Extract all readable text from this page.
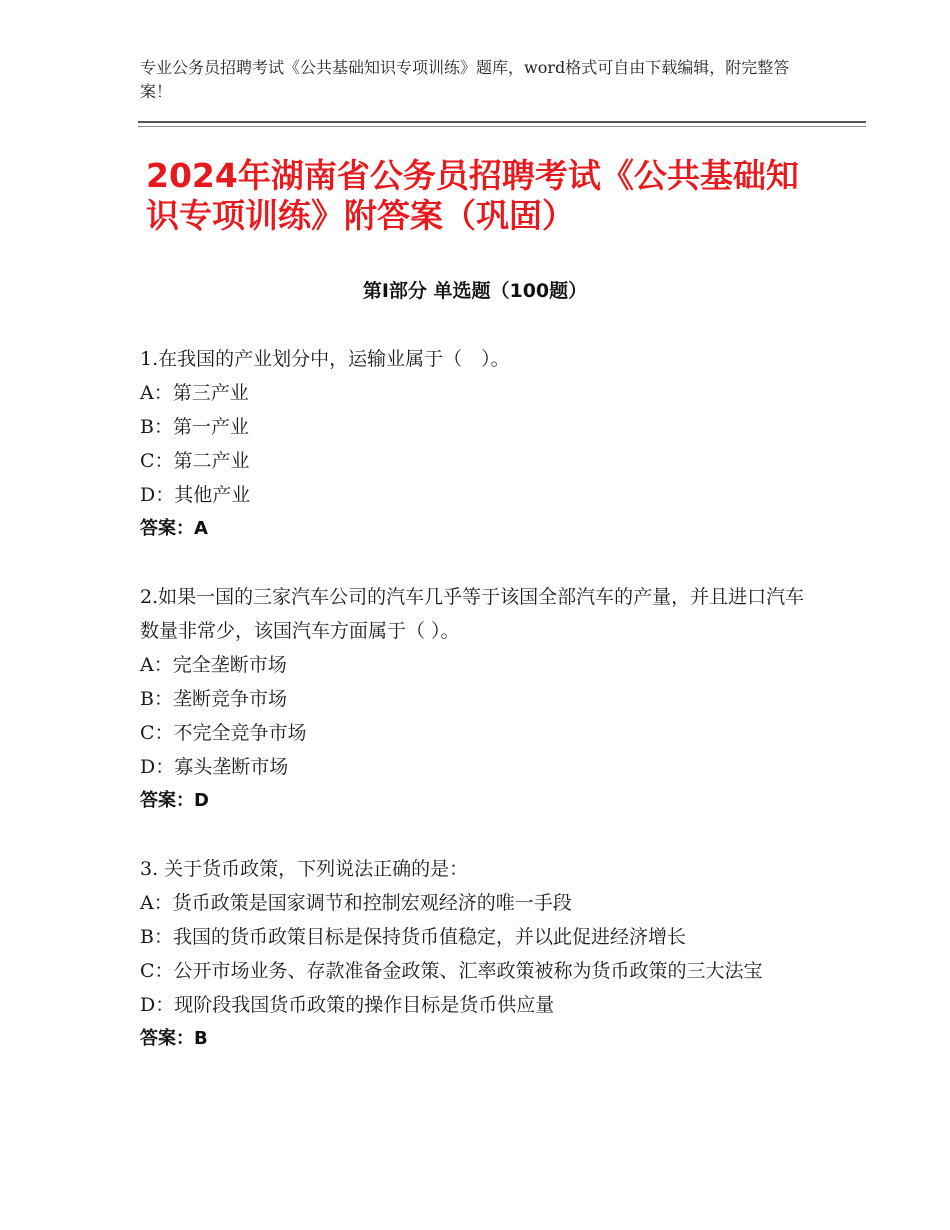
专业公务员招聘考试《公共基础知识专项训练》题库，word格式可自由下载编辑，附完整答案！
2024年湖南省公务员招聘考试《公共基础知识专项训练》附答案（巩固）
第Ⅰ部分 单选题（100题）
1.在我国的产业划分中，运输业属于（　）。
A：第三产业
B：第一产业
C：第二产业
D：其他产业
答案：A
2.如果一国的三家汽车公司的汽车几乎等于该国全部汽车的产量，并且进口汽车数量非常少，该国汽车方面属于（ ）。
A：完全垄断市场
B：垄断竞争市场
C：不完全竞争市场
D：寡头垄断市场
答案：D
3. 关于货币政策，下列说法正确的是：
A：货币政策是国家调节和控制宏观经济的唯一手段
B：我国的货币政策目标是保持货币值稳定，并以此促进经济增长
C：公开市场业务、存款准备金政策、汇率政策被称为货币政策的三大法宝
D：现阶段我国货币政策的操作目标是货币供应量
答案：B
